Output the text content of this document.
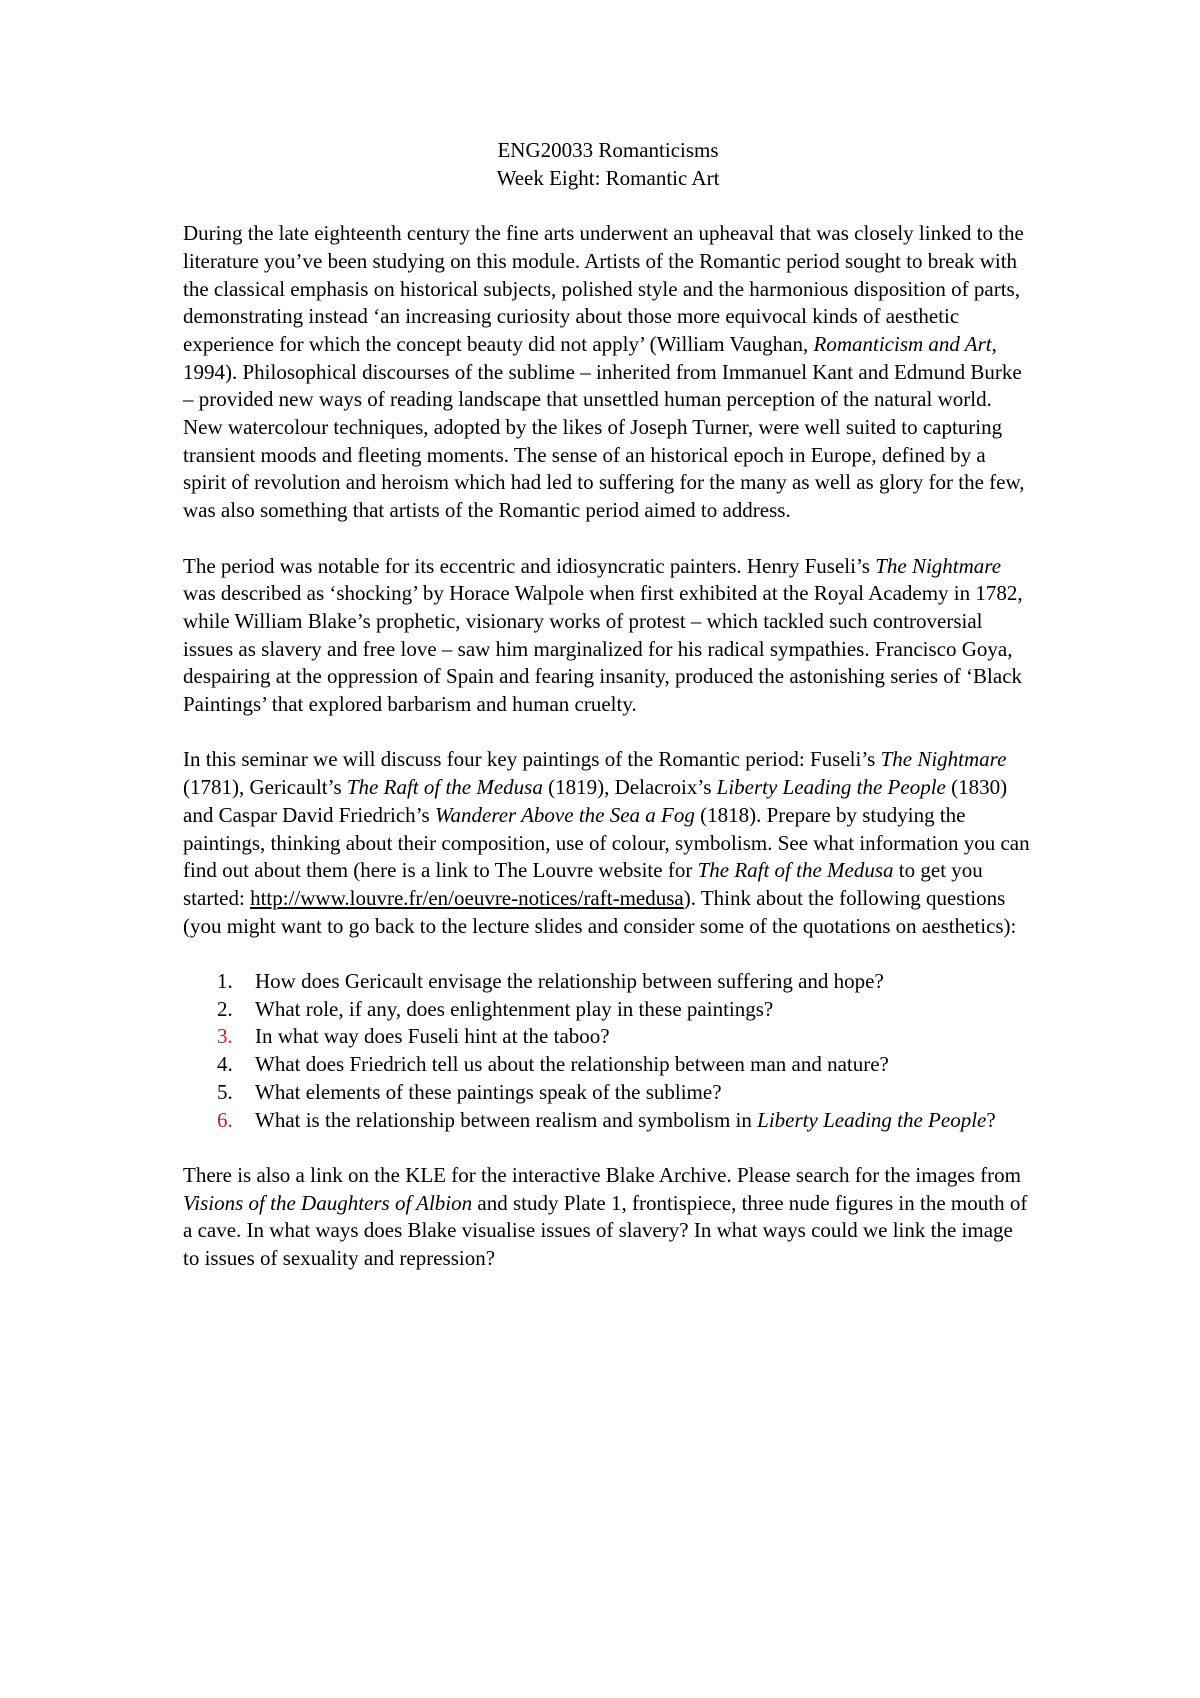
ENG20033 Romanticisms
Week Eight: Romantic Art

During the late eighteenth century the fine arts underwent an upheaval that was closely linked to the literature you’ve been studying on this module. Artists of the Romantic period sought to break with the classical emphasis on historical subjects, polished style and the harmonious disposition of parts, demonstrating instead ‘an increasing curiosity about those more equivocal kinds of aesthetic experience for which the concept beauty did not apply’ (William Vaughan, Romanticism and Art, 1994). Philosophical discourses of the sublime – inherited from Immanuel Kant and Edmund Burke – provided new ways of reading landscape that unsettled human perception of the natural world. New watercolour techniques, adopted by the likes of Joseph Turner, were well suited to capturing transient moods and fleeting moments. The sense of an historical epoch in Europe, defined by a spirit of revolution and heroism which had led to suffering for the many as well as glory for the few, was also something that artists of the Romantic period aimed to address.

The period was notable for its eccentric and idiosyncratic painters. Henry Fuseli’s The Nightmare was described as ‘shocking’ by Horace Walpole when first exhibited at the Royal Academy in 1782, while William Blake’s prophetic, visionary works of protest – which tackled such controversial issues as slavery and free love – saw him marginalized for his radical sympathies. Francisco Goya, despairing at the oppression of Spain and fearing insanity, produced the astonishing series of ‘Black Paintings’ that explored barbarism and human cruelty.

In this seminar we will discuss four key paintings of the Romantic period: Fuseli’s The Nightmare (1781), Gericault’s The Raft of the Medusa (1819), Delacroix’s Liberty Leading the People (1830) and Caspar David Friedrich’s Wanderer Above the Sea a Fog (1818). Prepare by studying the paintings, thinking about their composition, use of colour, symbolism. See what information you can find out about them (here is a link to The Louvre website for The Raft of the Medusa to get you started: http://www.louvre.fr/en/oeuvre-notices/raft-medusa). Think about the following questions (you might want to go back to the lecture slides and consider some of the quotations on aesthetics):

1. How does Gericault envisage the relationship between suffering and hope?
2. What role, if any, does enlightenment play in these paintings?
3. In what way does Fuseli hint at the taboo?
4. What does Friedrich tell us about the relationship between man and nature?
5. What elements of these paintings speak of the sublime?
6. What is the relationship between realism and symbolism in Liberty Leading the People?

There is also a link on the KLE for the interactive Blake Archive. Please search for the images from Visions of the Daughters of Albion and study Plate 1, frontispiece, three nude figures in the mouth of a cave. In what ways does Blake visualise issues of slavery? In what ways could we link the image to issues of sexuality and repression?
